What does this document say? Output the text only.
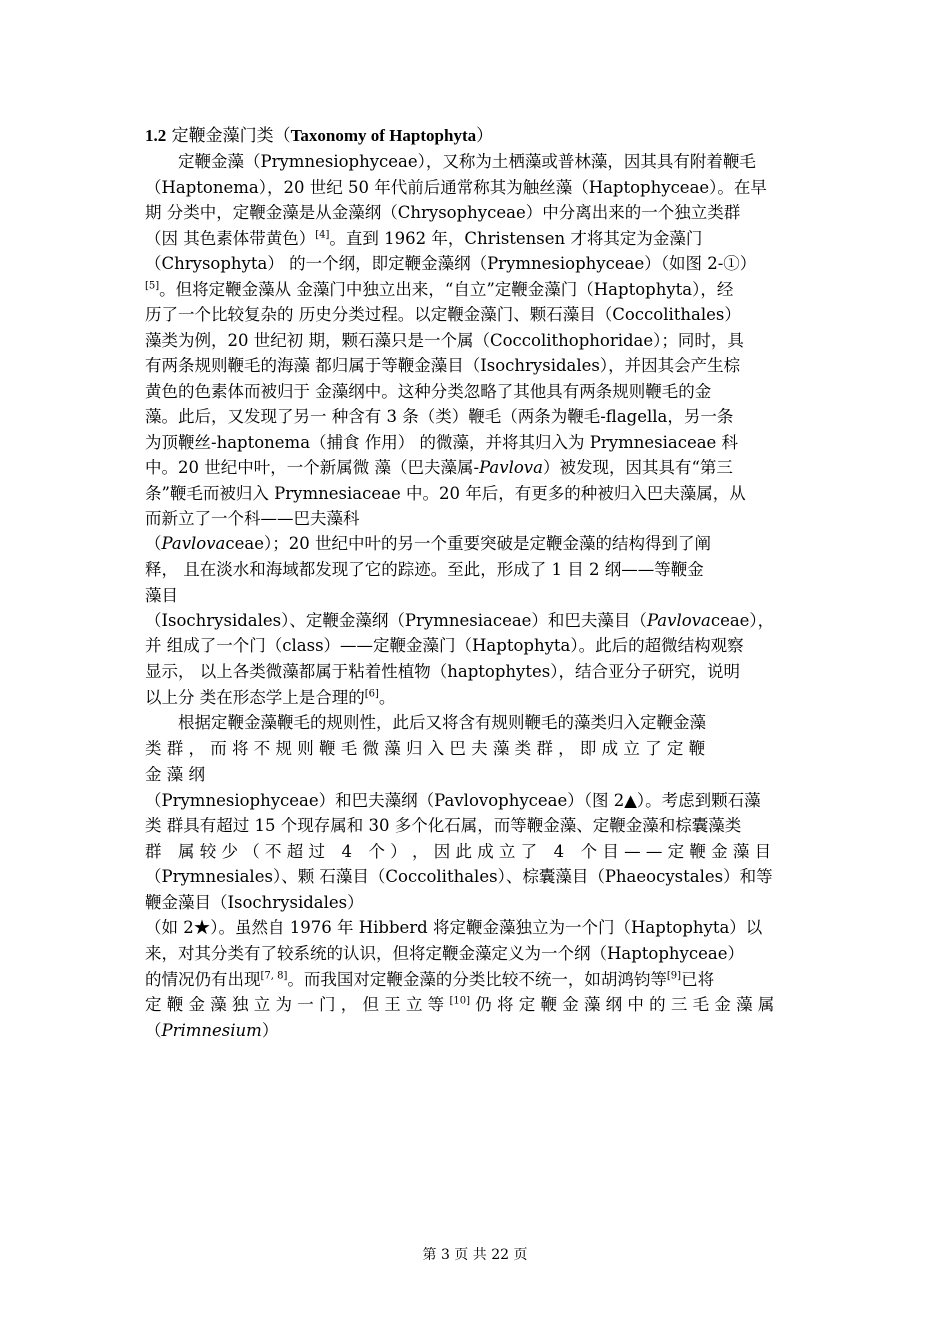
1.2 定鞭金藻门类（Taxonomy of Haptophyta）
　　定鞭金藻（Prymnesiophyceae），又称为土栖藻或普林藻，因其具有附着鞭毛
（Haptonema），20 世纪 50 年代前后通常称其为触丝藻（Haptophyceae）。在早
期 分类中，定鞭金藻是从金藻纲（Chrysophyceae）中分离出来的一个独立类群
（因 其色素体带黄色）[4]。直到 1962 年，Christensen 才将其定为金藻门
（Chrysophyta） 的一个纲，即定鞭金藻纲（Prymnesiophyceae）（如图 2-①）
[5]。但将定鞭金藻从 金藻门中独立出来，“自立”定鞭金藻门（Haptophyta），经
历了一个比较复杂的 历史分类过程。以定鞭金藻门、颗石藻目（Coccolithales）
藻类为例，20 世纪初 期，颗石藻只是一个属（Coccolithophoridae）；同时，具
有两条规则鞭毛的海藻 都归属于等鞭金藻目（Isochrysidales），并因其会产生棕
黄色的色素体而被归于 金藻纲中。这种分类忽略了其他具有两条规则鞭毛的金
藻。此后，又发现了另一 种含有 3 条（类）鞭毛（两条为鞭毛-flagella，另一条
为顶鞭丝-haptonema（捕食 作用） 的微藻，并将其归入为 Prymnesiaceae 科
中。20 世纪中叶，一个新属微 藻（巴夫藻属-Pavlova）被发现，因其具有“第三
条”鞭毛而被归入 Prymnesiaceae 中。20 年后，有更多的种被归入巴夫藻属，从
而新立了一个科——巴夫藻科
（Pavlovaceae）；20 世纪中叶的另一个重要突破是定鞭金藻的结构得到了阐
释， 且在淡水和海域都发现了它的踪迹。至此，形成了 1 目 2 纲——等鞭金
藻目
（Isochrysidales）、定鞭金藻纲（Prymnesiaceae）和巴夫藻目（Pavlovaceae），
并 组成了一个门（class）——定鞭金藻门（Haptophyta）。此后的超微结构观察
显示， 以上各类微藻都属于粘着性植物（haptophytes），结合亚分子研究，说明
以上分 类在形态学上是合理的[6]。
　　根据定鞭金藻鞭毛的规则性，此后又将含有规则鞭毛的藻类归入定鞭金藻
类 群 ， 而 将 不 规 则 鞭 毛 微 藻 归 入 巴 夫 藻 类 群 ， 即 成 立 了 定 鞭
金 藻 纲
（Prymnesiophyceae）和巴夫藻纲（Pavlovophyceae）（图 2▲）。考虑到颗石藻
类 群具有超过 15 个现存属和 30 多个化石属，而等鞭金藻、定鞭金藻和棕囊藻类
群　属 较 少 （ 不 超 过　4　个 ） ， 因 此 成 立 了　4　个 目 — — 定 鞭 金 藻 目
（Prymnesiales）、颗 石藻目（Coccolithales）、棕囊藻目（Phaeocystales）和等
鞭金藻目（Isochrysidales）
（如 2★）。虽然自 1976 年 Hibberd 将定鞭金藻独立为一个门（Haptophyta）以
来，对其分类有了较系统的认识，但将定鞭金藻定义为一个纲（Haptophyceae）
的情况仍有出现[7, 8]。而我国对定鞭金藻的分类比较不统一，如胡鸿钧等[9]已将
定 鞭 金 藻 独 立 为 一 门 ， 但 王 立 等 [10] 仍 将 定 鞭 金 藻 纲 中 的 三 毛 金 藻 属
（Primnesium）
第 3 页 共 22 页
